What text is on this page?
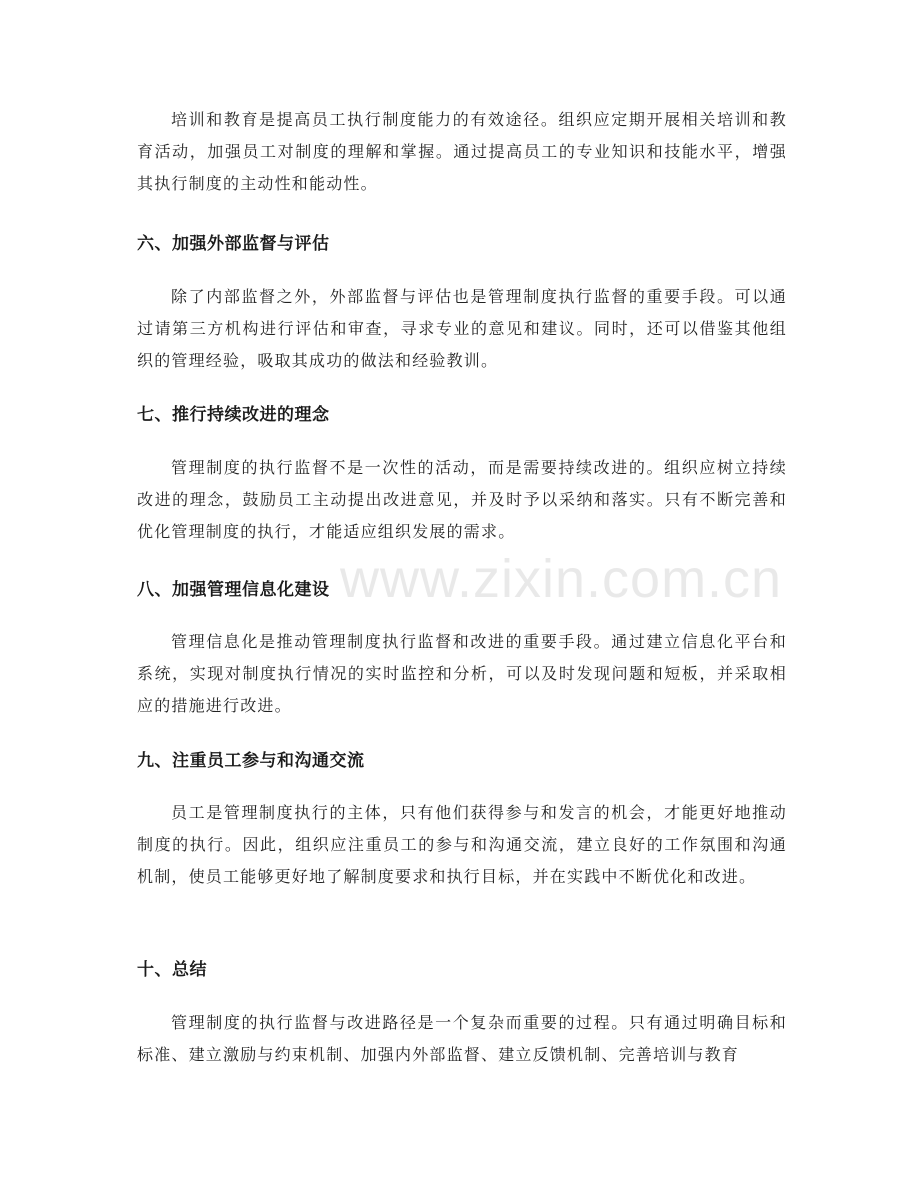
培训和教育是提高员工执行制度能力的有效途径。组织应定期开展相关培训和教育活动，加强员工对制度的理解和掌握。通过提高员工的专业知识和技能水平，增强其执行制度的主动性和能动性。

六、加强外部监督与评估

除了内部监督之外，外部监督与评估也是管理制度执行监督的重要手段。可以通过请第三方机构进行评估和审查，寻求专业的意见和建议。同时，还可以借鉴其他组织的管理经验，吸取其成功的做法和经验教训。

七、推行持续改进的理念

管理制度的执行监督不是一次性的活动，而是需要持续改进的。组织应树立持续改进的理念，鼓励员工主动提出改进意见，并及时予以采纳和落实。只有不断完善和优化管理制度的执行，才能适应组织发展的需求。

八、加强管理信息化建设

管理信息化是推动管理制度执行监督和改进的重要手段。通过建立信息化平台和系统，实现对制度执行情况的实时监控和分析，可以及时发现问题和短板，并采取相应的措施进行改进。

九、注重员工参与和沟通交流

员工是管理制度执行的主体，只有他们获得参与和发言的机会，才能更好地推动制度的执行。因此，组织应注重员工的参与和沟通交流，建立良好的工作氛围和沟通机制，使员工能够更好地了解制度要求和执行目标，并在实践中不断优化和改进。

十、总结

管理制度的执行监督与改进路径是一个复杂而重要的过程。只有通过明确目标和标准、建立激励与约束机制、加强内外部监督、建立反馈机制、完善培训与教育

www.zixin.com.cn
